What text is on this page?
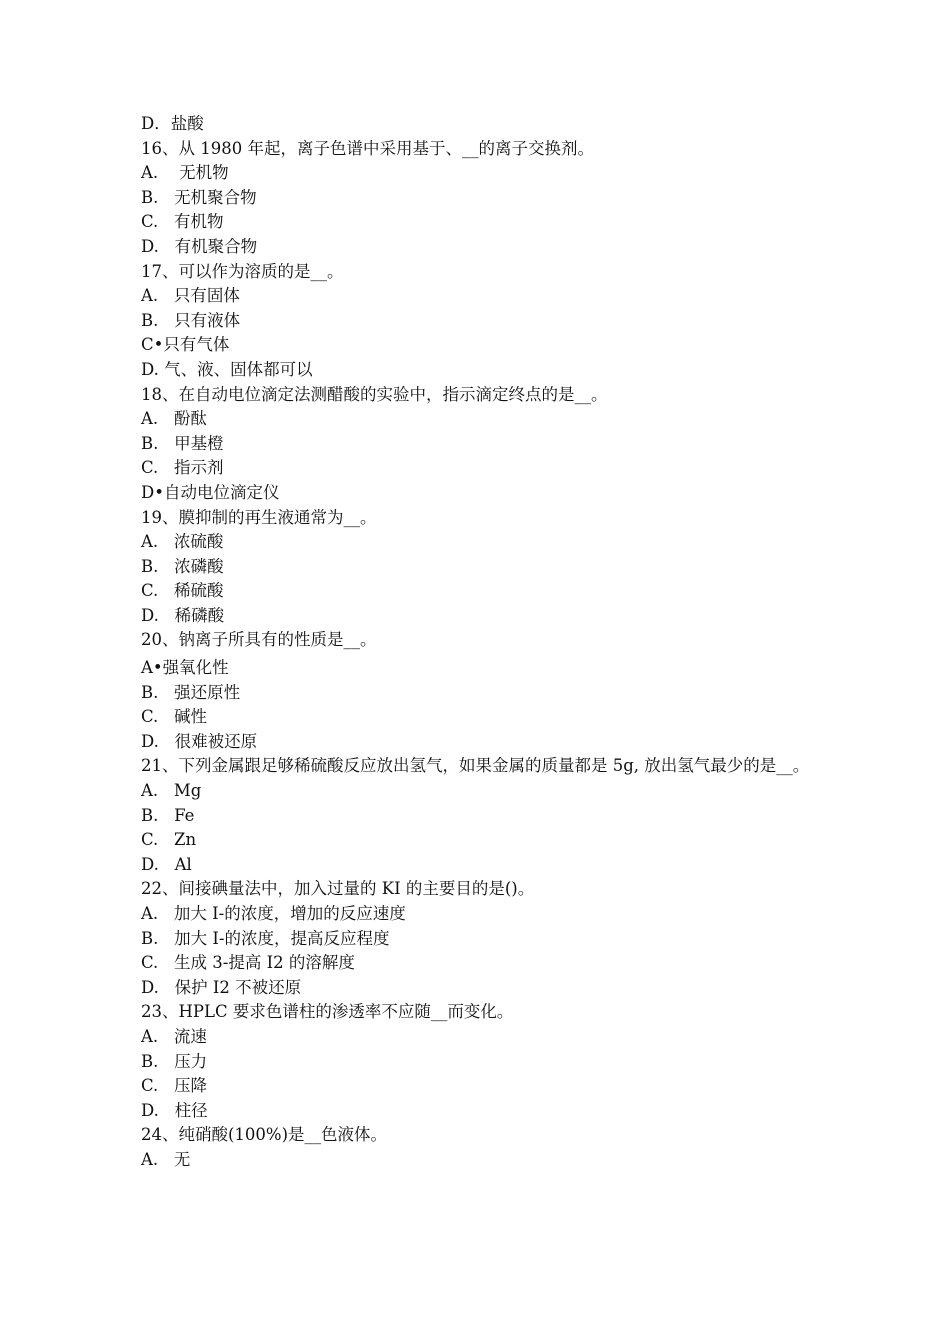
D．盐酸
16、从 1980 年起，离子色谱中采用基于、__的离子交换剂。
A.    无机物
B.   无机聚合物
C.   有机物
D.   有机聚合物
17、可以作为溶质的是__。
A.   只有固体
B.   只有液体
C•只有气体
D. 气、液、固体都可以
18、在自动电位滴定法测醋酸的实验中，指示滴定终点的是__。
A.   酚酞
B.   甲基橙
C.   指示剂
D•自动电位滴定仪
19、膜抑制的再生液通常为__。
A.   浓硫酸
B.   浓磷酸
C.   稀硫酸
D.   稀磷酸
20、钠离子所具有的性质是__。
A•强氧化性
B.   强还原性
C.   碱性
D.   很难被还原
21、下列金属跟足够稀硫酸反应放出氢气，如果金属的质量都是 5g, 放出氢气最少的是__。
A.   Mg
B.   Fe
C.   Zn
D.   Al
22、间接碘量法中，加入过量的 KI 的主要目的是()。
A.   加大 I-的浓度，增加的反应速度
B.   加大 I-的浓度，提高反应程度
C.   生成 3-提高 I2 的溶解度
D.   保护 I2 不被还原
23、HPLC 要求色谱柱的渗透率不应随__而变化。
A.   流速
B.   压力
C.   压降
D.   柱径
24、纯硝酸(100%)是__色液体。
A.   无
